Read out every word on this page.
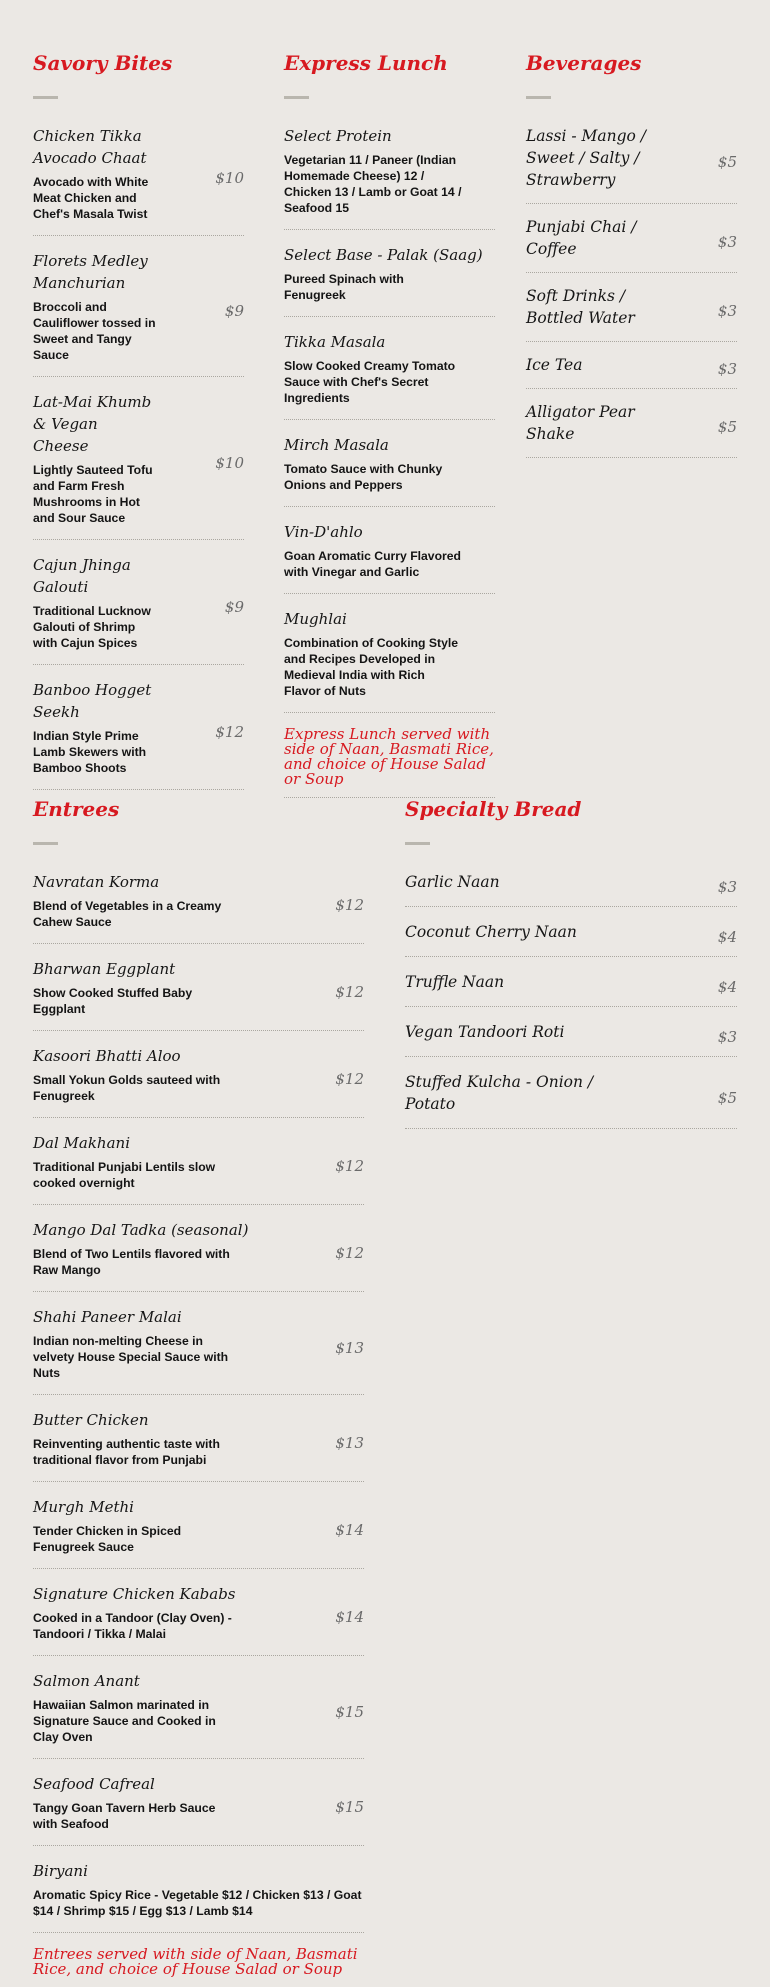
Savory Bites
Chicken Tikka Avocado Chaat
Avocado with White Meat Chicken and Chef's Masala Twist
$10
Florets Medley Manchurian
Broccoli and Cauliflower tossed in Sweet and Tangy Sauce
$9
Lat-Mai Khumb & Vegan Cheese
Lightly Sauteed Tofu and Farm Fresh Mushrooms in Hot and Sour Sauce
$10
Cajun Jhinga Galouti
Traditional Lucknow Galouti of Shrimp with Cajun Spices
$9
Banboo Hogget Seekh
Indian Style Prime Lamb Skewers with Bamboo Shoots
$12
Express Lunch
Select Protein
Vegetarian 11 / Paneer (Indian Homemade Cheese) 12 / Chicken 13 / Lamb or Goat 14 / Seafood 15
Select Base - Palak (Saag)
Pureed Spinach with Fenugreek
Tikka Masala
Slow Cooked Creamy Tomato Sauce with Chef's Secret Ingredients
Mirch Masala
Tomato Sauce with Chunky Onions and Peppers
Vin-D'ahlo
Goan Aromatic Curry Flavored with Vinegar and Garlic
Mughlai
Combination of Cooking Style and Recipes Developed in Medieval India with Rich Flavor of Nuts
Express Lunch served with side of Naan, Basmati Rice, and choice of House Salad or Soup
Beverages
Lassi - Mango / Sweet / Salty / Strawberry
$5
Punjabi Chai / Coffee	$3
Soft Drinks / Bottled Water	$3
Ice Tea	$3
Alligator Pear Shake	$5
Entrees
Navratan Korma
Blend of Vegetables in a Creamy Cahew Sauce
$12
Bharwan Eggplant
Show Cooked Stuffed Baby Eggplant
$12
Kasoori Bhatti Aloo
Small Yokun Golds sauteed with Fenugreek
$12
Dal Makhani
Traditional Punjabi Lentils slow cooked overnight
$12
Mango Dal Tadka (seasonal)
Blend of Two Lentils flavored with Raw Mango
$12
Shahi Paneer Malai
Indian non-melting Cheese in velvety House Special Sauce with Nuts
$13
Butter Chicken
Reinventing authentic taste with traditional flavor from Punjabi
$13
Murgh Methi
Tender Chicken in Spiced Fenugreek Sauce
$14
Signature Chicken Kababs
Cooked in a Tandoor (Clay Oven) - Tandoori / Tikka / Malai
$14
Salmon Anant
Hawaiian Salmon marinated in Signature Sauce and Cooked in Clay Oven
$15
Seafood Cafreal
Tangy Goan Tavern Herb Sauce with Seafood
$15
Biryani
Aromatic Spicy Rice - Vegetable $12 / Chicken $13 / Goat $14 / Shrimp $15 / Egg $13 / Lamb $14
Entrees served with side of Naan, Basmati Rice, and choice of House Salad or Soup
Specialty Bread
Garlic Naan	$3
Coconut Cherry Naan	$4
Truffle Naan	$4
Vegan Tandoori Roti	$3
Stuffed Kulcha - Onion / Potato	$5
